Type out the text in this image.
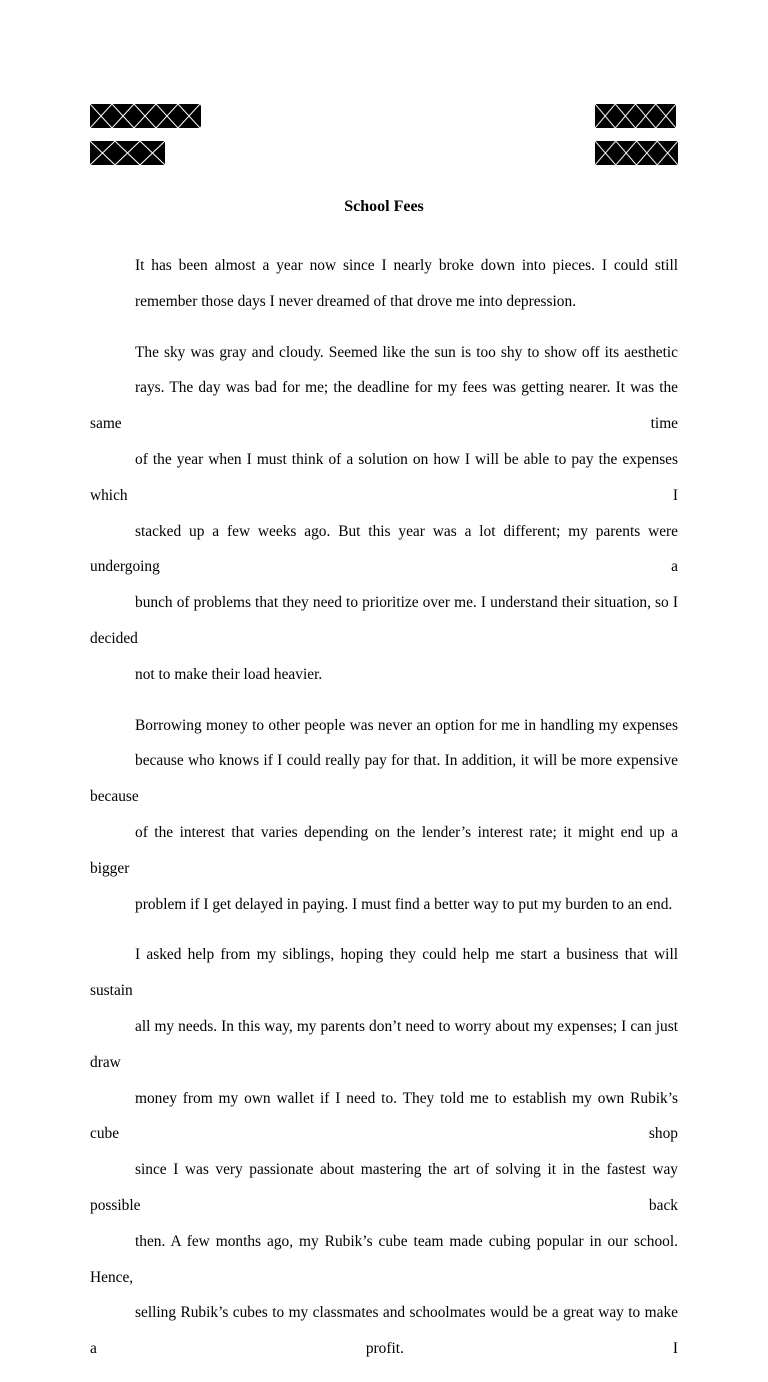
School Fees

It has been almost a year now since I nearly broke down into pieces. I could still
remember those days I never dreamed of that drove me into depression.

The sky was gray and cloudy. Seemed like the sun is too shy to show off its aesthetic
rays. The day was bad for me; the deadline for my fees was getting nearer. It was the same time
of the year when I must think of a solution on how I will be able to pay the expenses which I
stacked up a few weeks ago. But this year was a lot different; my parents were undergoing a
bunch of problems that they need to prioritize over me. I understand their situation, so I decided
not to make their load heavier.

Borrowing money to other people was never an option for me in handling my expenses
because who knows if I could really pay for that. In addition, it will be more expensive because
of the interest that varies depending on the lender’s interest rate; it might end up a bigger
problem if I get delayed in paying. I must find a better way to put my burden to an end.

I asked help from my siblings, hoping they could help me start a business that will sustain
all my needs. In this way, my parents don’t need to worry about my expenses; I can just draw
money from my own wallet if I need to. They told me to establish my own Rubik’s cube shop
since I was very passionate about mastering the art of solving it in the fastest way possible back
then. A few months ago, my Rubik’s cube team made cubing popular in our school. Hence,
selling Rubik’s cubes to my classmates and schoolmates would be a great way to make a profit. I
